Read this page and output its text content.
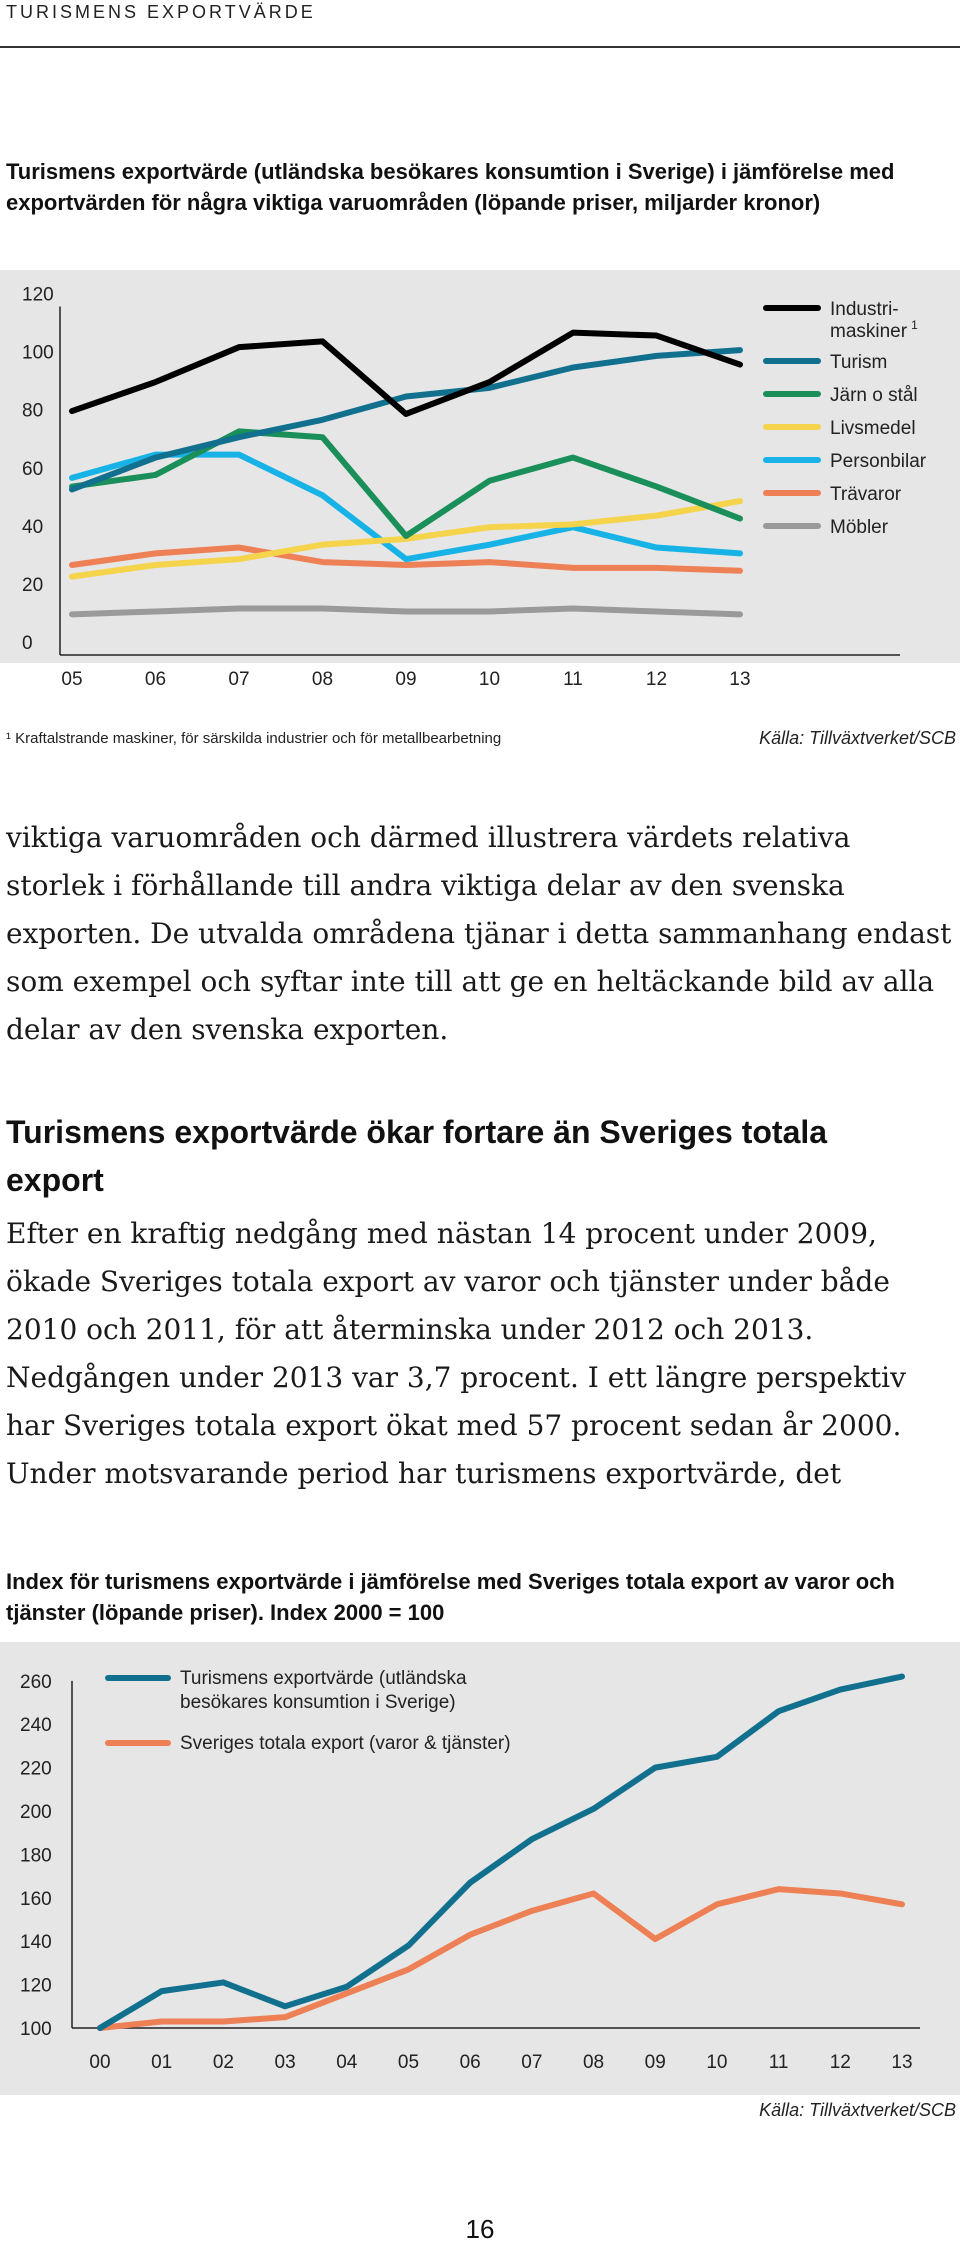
TURISMENS EXPORTVÄRDE

Turismens exportvärde (utländska besökares konsumtion i Sverige) i jämförelse med exportvärden för några viktiga varuområden (löpande priser, miljarder kronor)

0
20
40
60
80
100
120
05	06	07	08	09	10	11	12	13
Industri-
maskiner $^1$
Turism
Järn o stål
Livsmedel
Personbilar
Trävaror
Möbler
¹ Kraftalstrande maskiner, för särskilda industrier och för metallbearbetning	Källa: Tillväxtverket/SCB

viktiga varuområden och därmed illustrera värdets relativa storlek i förhållande till andra viktiga delar av den svenska exporten. De utvalda områdena tjänar i detta sammanhang endast som exempel och syftar inte till att ge en heltäckande bild av alla delar av den svenska exporten.

Turismens exportvärde ökar fortare än Sveriges totala export

Efter en kraftig nedgång med nästan 14 procent under 2009, ökade Sveriges totala export av varor och tjänster under både 2010 och 2011, för att återminska under 2012 och 2013. Nedgången under 2013 var 3,7 procent. I ett längre perspektiv har Sveriges totala export ökat med 57 procent sedan år 2000. Under motsvarande period har turismens exportvärde, det

Index för turismens exportvärde i jämförelse med Sveriges totala export av varor och tjänster (löpande priser). Index 2000 = 100

100
120
140
160
180
200
220
240
260
00 01 02 03 04 05 06 07 08 09 10 11 12 13
Turismens exportvärde (utländska
besökares konsumtion i Sverige)
Sveriges totala export (varor & tjänster)
Källa: Tillväxtverket/SCB
16
